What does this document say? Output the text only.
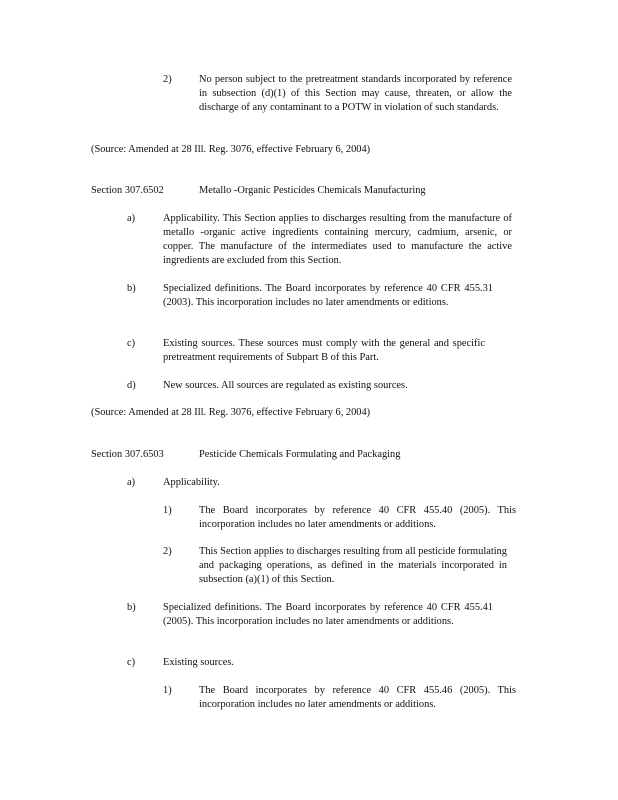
2)	No person subject to the pretreatment standards incorporated by reference in subsection (d)(1) of this Section may cause, threaten, or allow the discharge of any contaminant to a POTW in violation of such standards.
(Source: Amended at 28 Ill. Reg. 3076, effective February 6, 2004)
Section 307.6502	Metallo -Organic Pesticides Chemicals Manufacturing
a)	Applicability. This Section applies to discharges resulting from the manufacture of metallo -organic active ingredients containing mercury, cadmium, arsenic, or copper. The manufacture of the intermediates used to manufacture the active ingredients are excluded from this Section.
b)	Specialized definitions. The Board incorporates by reference 40 CFR 455.31 (2003). This incorporation includes no later amendments or editions.
c)	Existing sources. These sources must comply with the general and specific pretreatment requirements of Subpart B of this Part.
d)	New sources. All sources are regulated as existing sources.
(Source: Amended at 28 Ill. Reg. 3076, effective February 6, 2004)
Section 307.6503	Pesticide Chemicals Formulating and Packaging
a)	Applicability.
1)	The Board incorporates by reference 40 CFR 455.40 (2005). This incorporation includes no later amendments or additions.
2)	This Section applies to discharges resulting from all pesticide formulating and packaging operations, as defined in the materials incorporated in subsection (a)(1) of this Section.
b)	Specialized definitions. The Board incorporates by reference 40 CFR 455.41 (2005). This incorporation includes no later amendments or additions.
c)	Existing sources.
1)	The Board incorporates by reference 40 CFR 455.46 (2005). This incorporation includes no later amendments or additions.
